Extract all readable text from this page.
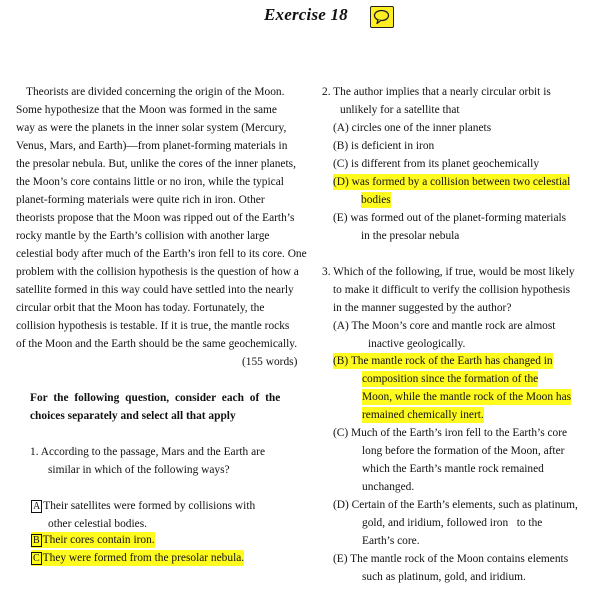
Exercise 18
Theorists are divided concerning the origin of the Moon.
Some hypothesize that the Moon was formed in the same
way as were the planets in the inner solar system (Mercury,
Venus, Mars, and Earth)—from planet-forming materials in
the presolar nebula. But, unlike the cores of the inner planets,
the Moon’s core contains little or no iron, while the typical
planet-forming materials were quite rich in iron. Other
theorists propose that the Moon was ripped out of the Earth’s
rocky mantle by the Earth’s collision with another large
celestial body after much of the Earth’s iron fell to its core. One
problem with the collision hypothesis is the question of how a
satellite formed in this way could have settled into the nearly
circular orbit that the Moon has today. Fortunately, the
collision hypothesis is testable. If it is true, the mantle rocks
of the Moon and the Earth should be the same geochemically.
(155 words)
For the following question, consider each of the
choices separately and select all that apply
1. According to the passage, Mars and the Earth are
similar in which of the following ways?
A Their satellites were formed by collisions with
other celestial bodies.
B Their cores contain iron.
C They were formed from the presolar nebula.
2. The author implies that a nearly circular orbit is
unlikely for a satellite that
(A) circles one of the inner planets
(B) is deficient in iron
(C) is different from its planet geochemically
(D) was formed by a collision between two celestial
bodies
(E) was formed out of the planet-forming materials
in the presolar nebula
3. Which of the following, if true, would be most likely
to make it difficult to verify the collision hypothesis
in the manner suggested by the author?
(A) The Moon’s core and mantle rock are almost
inactive geologically.
(B) The mantle rock of the Earth has changed in
composition since the formation of the
Moon, while the mantle rock of the Moon has
remained chemically inert.
(C) Much of the Earth’s iron fell to the Earth’s core
long before the formation of the Moon, after
which the Earth’s mantle rock remained
unchanged.
(D) Certain of the Earth’s elements, such as platinum,
gold, and iridium, followed iron   to the
Earth’s core.
(E) The mantle rock of the Moon contains elements
such as platinum, gold, and iridium.
